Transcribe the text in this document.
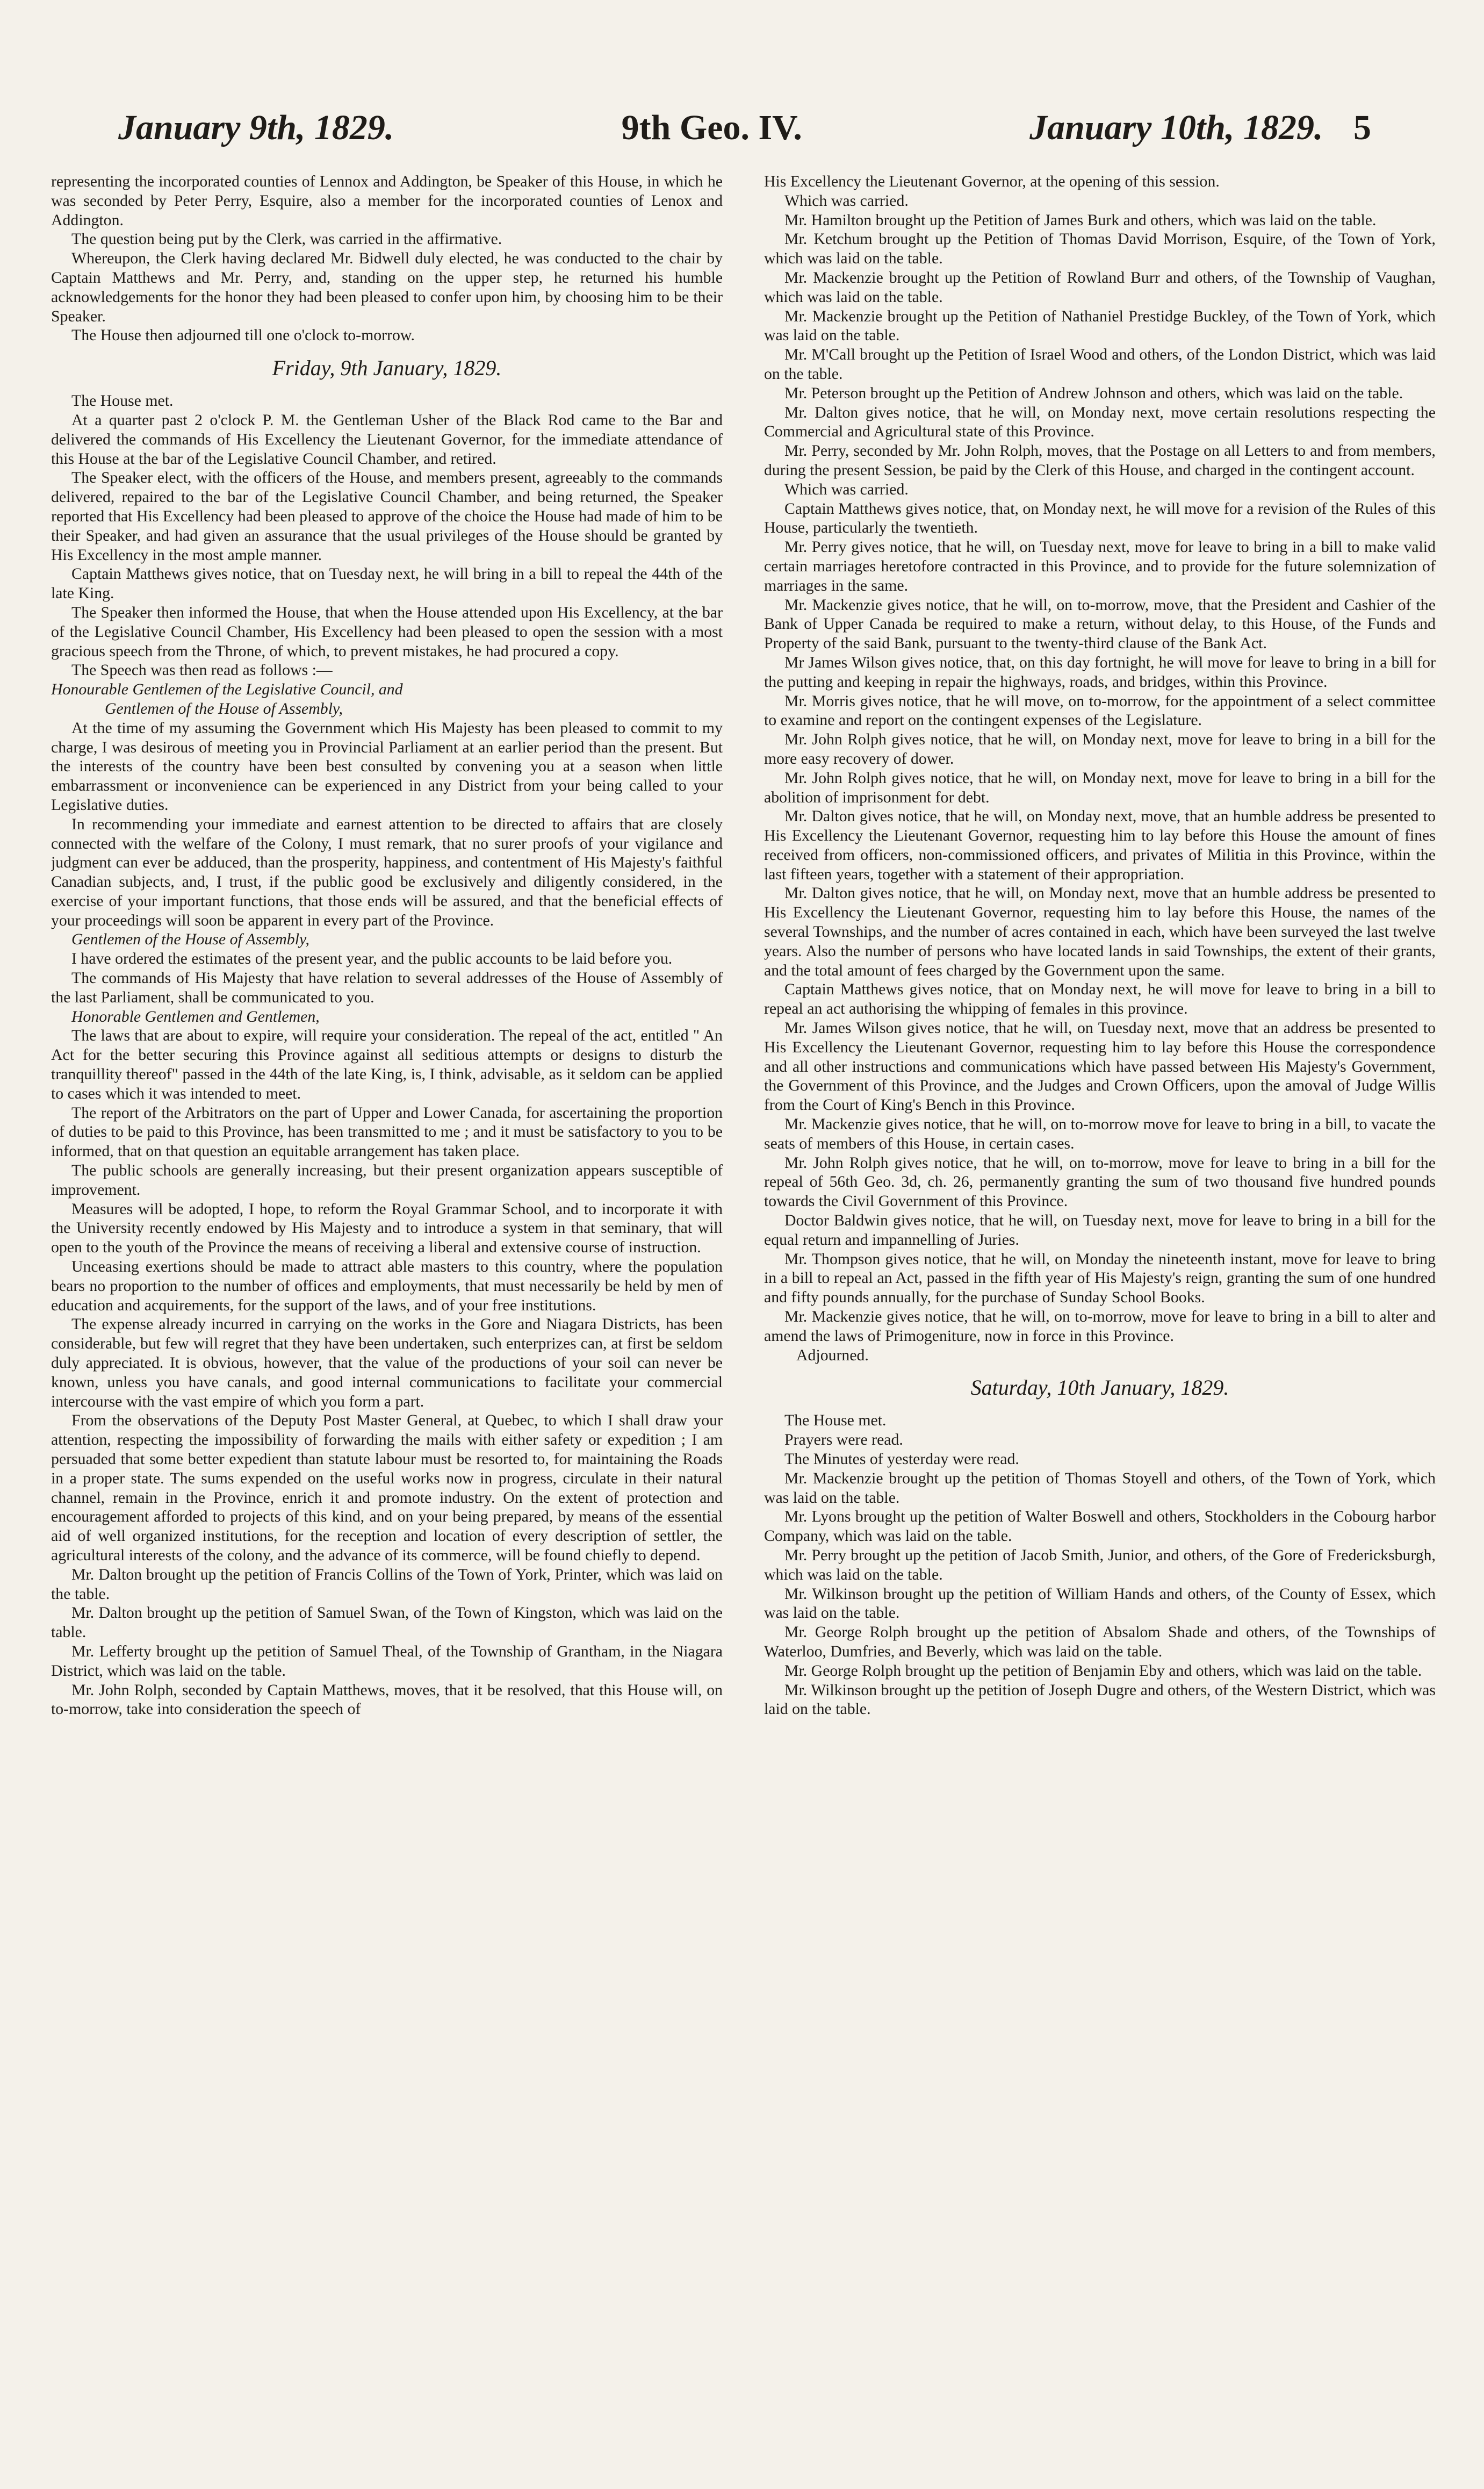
January 9th, 1829.	9th Geo. IV.	January 10th, 1829. 5

representing the incorporated counties of Lennox and Addington, be Speaker of this House, in which he was seconded by Peter Perry, Esquire, also a member for the incorporated counties of Lenox and Addington.

The question being put by the Clerk, was carried in the affirmative.

Whereupon, the Clerk having declared Mr. Bidwell duly elected, he was conducted to the chair by Captain Matthews and Mr. Perry, and, standing on the upper step, he returned his humble acknowledgements for the honor they had been pleased to confer upon him, by choosing him to be their Speaker.

The House then adjourned till one o'clock to-morrow.

Friday, 9th January, 1829.

The House met.

At a quarter past 2 o'clock P. M. the Gentleman Usher of the Black Rod came to the Bar and delivered the commands of His Excellency the Lieutenant Governor, for the immediate attendance of this House at the bar of the Legislative Council Chamber, and retired.

The Speaker elect, with the officers of the House, and members present, agreeably to the commands delivered, repaired to the bar of the Legislative Council Chamber, and being returned, the Speaker reported that His Excellency had been pleased to approve of the choice the House had made of him to be their Speaker, and had given an assurance that the usual privileges of the House should be granted by His Excellency in the most ample manner.

Captain Matthews gives notice, that on Tuesday next, he will bring in a bill to repeal the 44th of the late King.

The Speaker then informed the House, that when the House attended upon His Excellency, at the bar of the Legislative Council Chamber, His Excellency had been pleased to open the session with a most gracious speech from the Throne, of which, to prevent mistakes, he had procured a copy.

The Speech was then read as follows :—

Honourable Gentlemen of the Legislative Council, and

Gentlemen of the House of Assembly,

At the time of my assuming the Government which His Majesty has been pleased to commit to my charge, I was desirous of meeting you in Provincial Parliament at an earlier period than the present. But the interests of the country have been best consulted by convening you at a season when little embarrassment or inconvenience can be experienced in any District from your being called to your Legislative duties.

In recommending your immediate and earnest attention to be directed to affairs that are closely connected with the welfare of the Colony, I must remark, that no surer proofs of your vigilance and judgment can ever be adduced, than the prosperity, happiness, and contentment of His Majesty's faithful Canadian subjects, and, I trust, if the public good be exclusively and diligently considered, in the exercise of your important functions, that those ends will be assured, and that the beneficial effects of your proceedings will soon be apparent in every part of the Province.

Gentlemen of the House of Assembly,

I have ordered the estimates of the present year, and the public accounts to be laid before you.

The commands of His Majesty that have relation to several addresses of the House of Assembly of the last Parliament, shall be communicated to you.

Honorable Gentlemen and Gentlemen,

The laws that are about to expire, will require your consideration. The repeal of the act, entitled " An Act for the better securing this Province against all seditious attempts or designs to disturb the tranquillity thereof" passed in the 44th of the late King, is, I think, advisable, as it seldom can be applied to cases which it was intended to meet.

The report of the Arbitrators on the part of Upper and Lower Canada, for ascertaining the proportion of duties to be paid to this Province, has been transmitted to me ; and it must be satisfactory to you to be informed, that on that question an equitable arrangement has taken place.

The public schools are generally increasing, but their present organization appears susceptible of improvement.

Measures will be adopted, I hope, to reform the Royal Grammar School, and to incorporate it with the University recently endowed by His Majesty and to introduce a system in that seminary, that will open to the youth of the Province the means of receiving a liberal and extensive course of instruction.

Unceasing exertions should be made to attract able masters to this country, where the population bears no proportion to the number of offices and employments, that must necessarily be held by men of education and acquirements, for the support of the laws, and of your free institutions.

The expense already incurred in carrying on the works in the Gore and Niagara Districts, has been considerable, but few will regret that they have been undertaken, such enterprizes can, at first be seldom duly appreciated. It is obvious, however, that the value of the productions of your soil can never be known, unless you have canals, and good internal communications to facilitate your commercial intercourse with the vast empire of which you form a part.

From the observations of the Deputy Post Master General, at Quebec, to which I shall draw your attention, respecting the impossibility of forwarding the mails with either safety or expedition ; I am persuaded that some better expedient than statute labour must be resorted to, for maintaining the Roads in a proper state. The sums expended on the useful works now in progress, circulate in their natural channel, remain in the Province, enrich it and promote industry. On the extent of protection and encouragement afforded to projects of this kind, and on your being prepared, by means of the essential aid of well organized institutions, for the reception and location of every description of settler, the agricultural interests of the colony, and the advance of its commerce, will be found chiefly to depend.

Mr. Dalton brought up the petition of Francis Collins of the Town of York, Printer, which was laid on the table.

Mr. Dalton brought up the petition of Samuel Swan, of the Town of Kingston, which was laid on the table.

Mr. Lefferty brought up the petition of Samuel Theal, of the Township of Grantham, in the Niagara District, which was laid on the table.

Mr. John Rolph, seconded by Captain Matthews, moves, that it be resolved, that this House will, on to-morrow, take into consideration the speech of

His Excellency the Lieutenant Governor, at the opening of this session.

Which was carried.

Mr. Hamilton brought up the Petition of James Burk and others, which was laid on the table.

Mr. Ketchum brought up the Petition of Thomas David Morrison, Esquire, of the Town of York, which was laid on the table.

Mr. Mackenzie brought up the Petition of Rowland Burr and others, of the Township of Vaughan, which was laid on the table.

Mr. Mackenzie brought up the Petition of Nathaniel Prestidge Buckley, of the Town of York, which was laid on the table.

Mr. M'Call brought up the Petition of Israel Wood and others, of the London District, which was laid on the table.

Mr. Peterson brought up the Petition of Andrew Johnson and others, which was laid on the table.

Mr. Dalton gives notice, that he will, on Monday next, move certain resolutions respecting the Commercial and Agricultural state of this Province.

Mr. Perry, seconded by Mr. John Rolph, moves, that the Postage on all Letters to and from members, during the present Session, be paid by the Clerk of this House, and charged in the contingent account.

Which was carried.

Captain Matthews gives notice, that, on Monday next, he will move for a revision of the Rules of this House, particularly the twentieth.

Mr. Perry gives notice, that he will, on Tuesday next, move for leave to bring in a bill to make valid certain marriages heretofore contracted in this Province, and to provide for the future solemnization of marriages in the same.

Mr. Mackenzie gives notice, that he will, on to-morrow, move, that the President and Cashier of the Bank of Upper Canada be required to make a return, without delay, to this House, of the Funds and Property of the said Bank, pursuant to the twenty-third clause of the Bank Act.

Mr James Wilson gives notice, that, on this day fortnight, he will move for leave to bring in a bill for the putting and keeping in repair the highways, roads, and bridges, within this Province.

Mr. Morris gives notice, that he will move, on to-morrow, for the appointment of a select committee to examine and report on the contingent expenses of the Legislature.

Mr. John Rolph gives notice, that he will, on Monday next, move for leave to bring in a bill for the more easy recovery of dower.

Mr. John Rolph gives notice, that he will, on Monday next, move for leave to bring in a bill for the abolition of imprisonment for debt.

Mr. Dalton gives notice, that he will, on Monday next, move, that an humble address be presented to His Excellency the Lieutenant Governor, requesting him to lay before this House the amount of fines received from officers, non-commissioned officers, and privates of Militia in this Province, within the last fifteen years, together with a statement of their appropriation.

Mr. Dalton gives notice, that he will, on Monday next, move that an humble address be presented to His Excellency the Lieutenant Governor, requesting him to lay before this House, the names of the several Townships, and the number of acres contained in each, which have been surveyed the last twelve years. Also the number of persons who have located lands in said Townships, the extent of their grants, and the total amount of fees charged by the Government upon the same.

Captain Matthews gives notice, that on Monday next, he will move for leave to bring in a bill to repeal an act authorising the whipping of females in this province.

Mr. James Wilson gives notice, that he will, on Tuesday next, move that an address be presented to His Excellency the Lieutenant Governor, requesting him to lay before this House the correspondence and all other instructions and communications which have passed between His Majesty's Government, the Government of this Province, and the Judges and Crown Officers, upon the amoval of Judge Willis from the Court of King's Bench in this Province.

Mr. Mackenzie gives notice, that he will, on to-morrow move for leave to bring in a bill, to vacate the seats of members of this House, in certain cases.

Mr. John Rolph gives notice, that he will, on to-morrow, move for leave to bring in a bill for the repeal of 56th Geo. 3d, ch. 26, permanently granting the sum of two thousand five hundred pounds towards the Civil Government of this Province.

Doctor Baldwin gives notice, that he will, on Tuesday next, move for leave to bring in a bill for the equal return and impannelling of Juries.

Mr. Thompson gives notice, that he will, on Monday the nineteenth instant, move for leave to bring in a bill to repeal an Act, passed in the fifth year of His Majesty's reign, granting the sum of one hundred and fifty pounds annually, for the purchase of Sunday School Books.

Mr. Mackenzie gives notice, that he will, on to-morrow, move for leave to bring in a bill to alter and amend the laws of Primogeniture, now in force in this Province.

Adjourned.

Saturday, 10th January, 1829.

The House met.

Prayers were read.

The Minutes of yesterday were read.

Mr. Mackenzie brought up the petition of Thomas Stoyell and others, of the Town of York, which was laid on the table.

Mr. Lyons brought up the petition of Walter Boswell and others, Stockholders in the Cobourg harbor Company, which was laid on the table.

Mr. Perry brought up the petition of Jacob Smith, Junior, and others, of the Gore of Fredericksburgh, which was laid on the table.

Mr. Wilkinson brought up the petition of William Hands and others, of the County of Essex, which was laid on the table.

Mr. George Rolph brought up the petition of Absalom Shade and others, of the Townships of Waterloo, Dumfries, and Beverly, which was laid on the table.

Mr. George Rolph brought up the petition of Benjamin Eby and others, which was laid on the table.

Mr. Wilkinson brought up the petition of Joseph Dugre and others, of the Western District, which was laid on the table.
